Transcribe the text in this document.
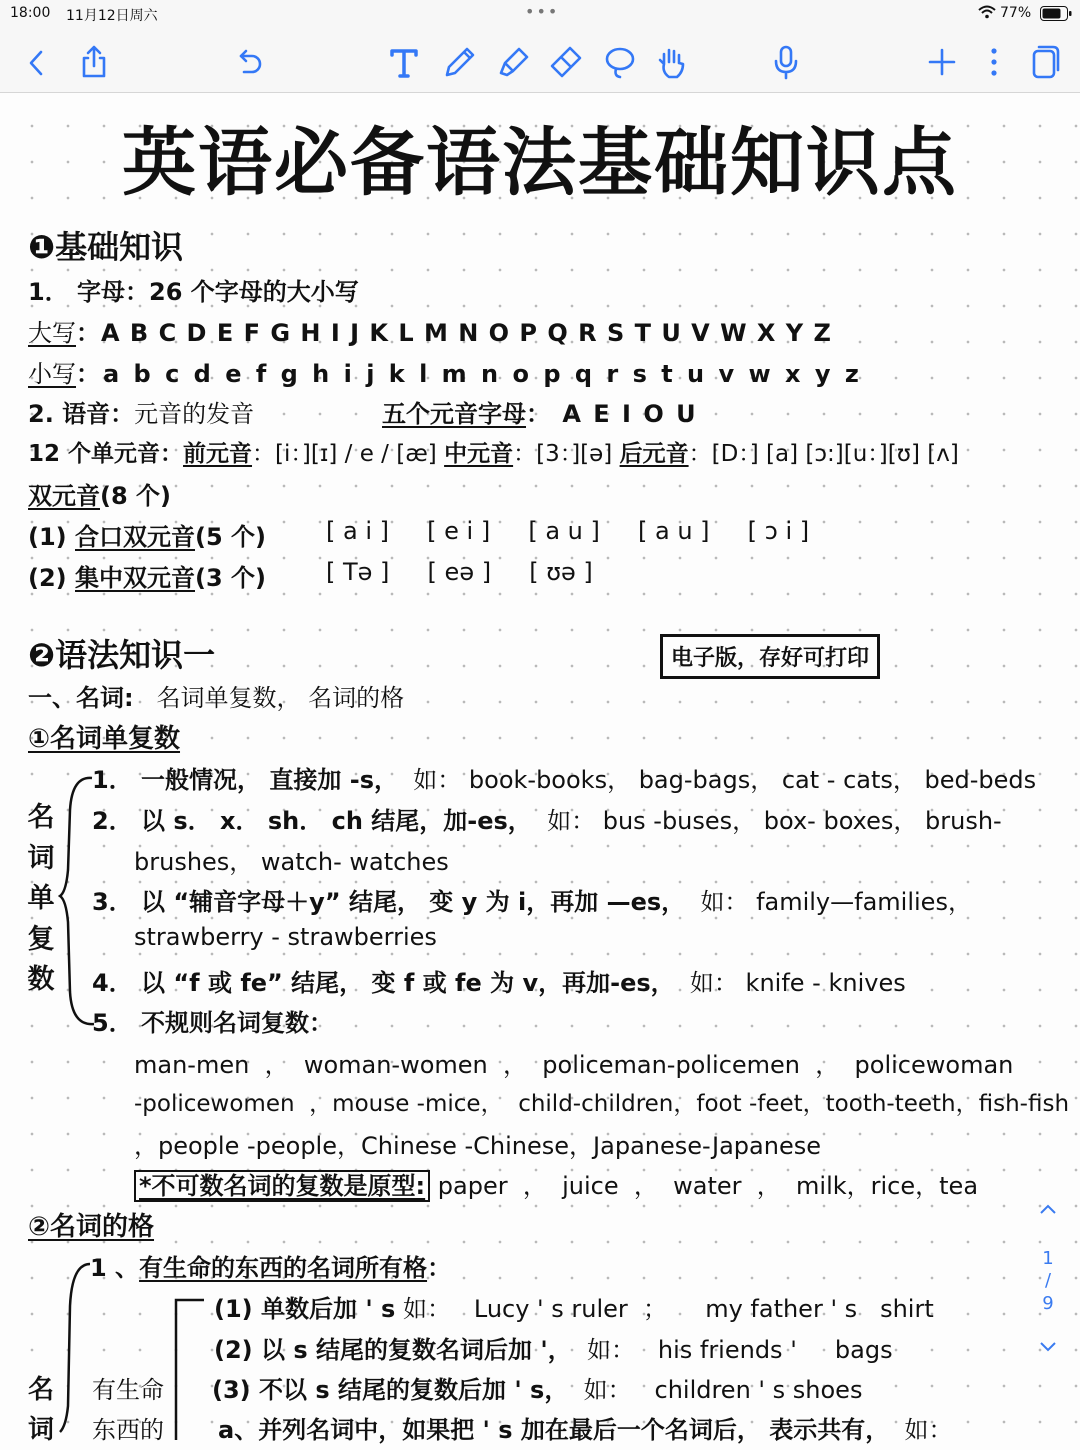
18:00 11月12日周六	•••	77%
英语必备语法基础知识点
❶基础知识
1． 字母：26 个字母的大小写
大写：A B C D E F G H I J K L M N O P Q R S T U V W X Y Z
小写：a b c d e f g h i j k l m n o p q r s t u v w x y z
2. 语音：元音的发音	五个元音字母： A E I O U
12 个单元音：前元音：[i：][ɪ] / e / [æ] 中元音：[3：][ə] 后元音：[D：] [a] [ɔ:][u：][ʊ] [ʌ]
双元音(8 个)
(1) 合口双元音(5 个)	[ a i ]     [ e i ]     [ a u ]     [ a u ]     [ ɔ i ]
(2) 集中双元音(3 个)	[ Tə ]     [ eə ]     [ ʊə ]
❷语法知识一	电子版，存好可打印
一、名词: 名词单复数， 名词的格
①名词单复数
名
词
单
复
数
1． 一般情况， 直接加 -s， 如： book-books， bag-bags， cat - cats， bed-beds
2． 以 s． x． sh． ch 结尾，加-es， 如： bus -buses， box- boxes， brush-
brushes， watch- watches
3． 以 “辅音字母＋y” 结尾， 变 y 为 i，再加 —es， 如： family—families，
strawberry - strawberries
4． 以 “f 或 fe” 结尾， 变 f 或 fe 为 v，再加-es， 如： knife - knives
5． 不规则名词复数：
man-men  ，  woman-women  ，  policeman-policemen  ，  policewoman
-policewomen  ，mouse -mice，  child-children，foot -feet，tooth-teeth，fish-fish
，people -people，Chinese -Chinese，Japanese-Japanese
*不可数名词的复数是原型: paper  ，  juice  ，  water  ，  milk，rice，tea
②名词的格
1 、有生命的东西的名词所有格：
(1) 单数后加 ' s 如：   Lucy ' s ruler  ；     my father ' s   shirt
(2) 以 s 结尾的复数名词后加 '， 如：   his friends '     bags
(3) 不以 s 结尾的复数后加 ' s， 如：   children ' s shoes
a、并列名词中，如果把 ' s 加在最后一个名词后， 表示共有， 如：
名
词
有生命
东西的
1
/
9
